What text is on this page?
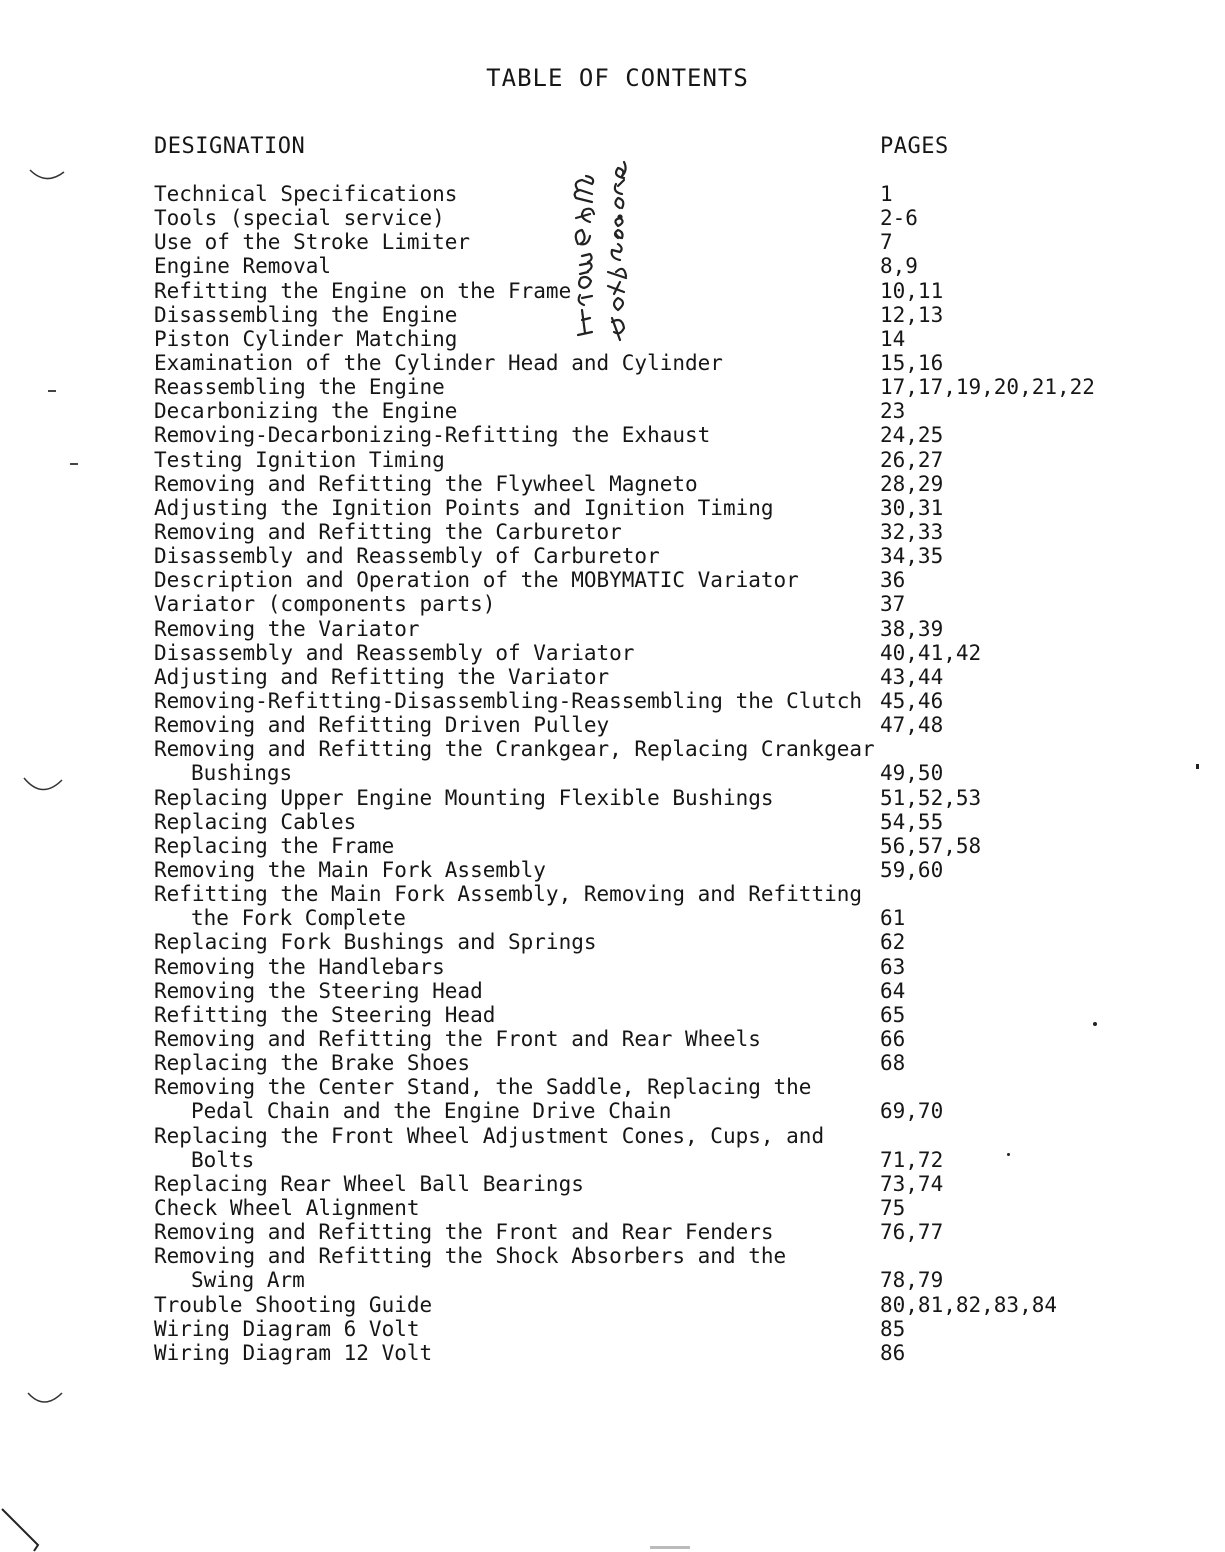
TABLE OF CONTENTS
DESIGNATION	PAGES
Technical Specifications	1
Tools (special service)	2-6
Use of the Stroke Limiter	7
Engine Removal	8,9
Refitting the Engine on the Frame	10,11
Disassembling the Engine	12,13
Piston Cylinder Matching	14
Examination of the Cylinder Head and Cylinder	15,16
Reassembling the Engine	17,17,19,20,21,22
Decarbonizing the Engine	23
Removing-Decarbonizing-Refitting the Exhaust	24,25
Testing Ignition Timing	26,27
Removing and Refitting the Flywheel Magneto	28,29
Adjusting the Ignition Points and Ignition Timing	30,31
Removing and Refitting the Carburetor	32,33
Disassembly and Reassembly of Carburetor	34,35
Description and Operation of the MOBYMATIC Variator	36
Variator (components parts)	37
Removing the Variator	38,39
Disassembly and Reassembly of Variator	40,41,42
Adjusting and Refitting the Variator	43,44
Removing-Refitting-Disassembling-Reassembling the Clutch 45,46
Removing and Refitting Driven Pulley	47,48
Removing and Refitting the Crankgear, Replacing Crankgear
Bushings	49,50
Replacing Upper Engine Mounting Flexible Bushings	51,52,53
Replacing Cables	54,55
Replacing the Frame	56,57,58
Removing the Main Fork Assembly	59,60
Refitting the Main Fork Assembly, Removing and Refitting
the Fork Complete	61
Replacing Fork Bushings and Springs	62
Removing the Handlebars	63
Removing the Steering Head	64
Refitting the Steering Head	65
Removing and Refitting the Front and Rear Wheels	66
Replacing the Brake Shoes	68
Removing the Center Stand, the Saddle, Replacing the
Pedal Chain and the Engine Drive Chain	69,70
Replacing the Front Wheel Adjustment Cones, Cups, and
Bolts	71,72
Replacing Rear Wheel Ball Bearings	73,74
Check Wheel Alignment	75
Removing and Refitting the Front and Rear Fenders	76,77
Removing and Refitting the Shock Absorbers and the
Swing Arm	78,79
Trouble Shooting Guide	80,81,82,83,84
Wiring Diagram 6 Volt	85
Wiring Diagram 12 Volt	86
